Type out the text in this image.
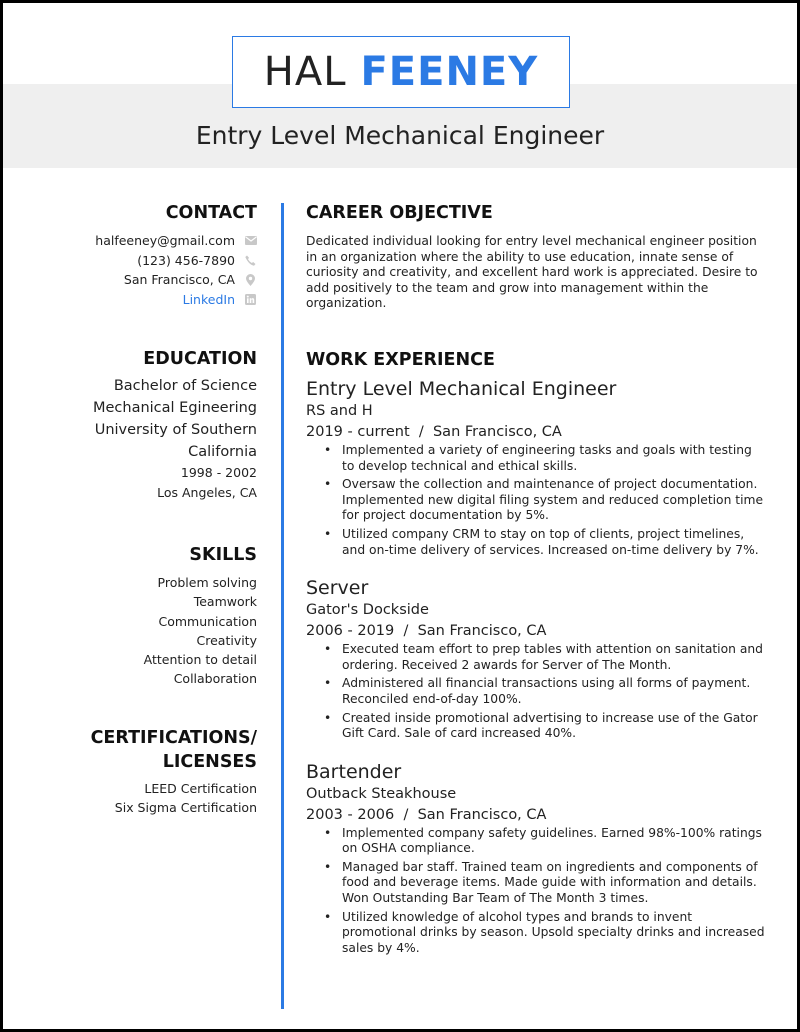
HAL FEENEY
Entry Level Mechanical Engineer
CONTACT
halfeeney@gmail.com
(123) 456-7890
San Francisco, CA
LinkedIn
EDUCATION
Bachelor of Science
Mechanical Egineering
University of Southern California
1998 - 2002
Los Angeles, CA
SKILLS
Problem solving
Teamwork
Communication
Creativity
Attention to detail
Collaboration
CERTIFICATIONS/
LICENSES
LEED Certification
Six Sigma Certification
CAREER OBJECTIVE
Dedicated individual looking for entry level mechanical engineer position in an organization where the ability to use education, innate sense of curiosity and creativity, and excellent hard work is appreciated. Desire to add positively to the team and grow into management within the organization.
WORK EXPERIENCE
Entry Level Mechanical Engineer
RS and H
2019 - current  /  San Francisco, CA
• Implemented a variety of engineering tasks and goals with testing to develop technical and ethical skills.
• Oversaw the collection and maintenance of project documentation. Implemented new digital filing system and reduced completion time for project documentation by 5%.
• Utilized company CRM to stay on top of clients, project timelines, and on-time delivery of services. Increased on-time delivery by 7%.
Server
Gator's Dockside
2006 - 2019  /  San Francisco, CA
• Executed team effort to prep tables with attention on sanitation and ordering. Received 2 awards for Server of The Month.
• Administered all financial transactions using all forms of payment. Reconciled end-of-day 100%.
• Created inside promotional advertising to increase use of the Gator Gift Card. Sale of card increased 40%.
Bartender
Outback Steakhouse
2003 - 2006  /  San Francisco, CA
• Implemented company safety guidelines. Earned 98%-100% ratings on OSHA compliance.
• Managed bar staff. Trained team on ingredients and components of food and beverage items. Made guide with information and details. Won Outstanding Bar Team of The Month 3 times.
• Utilized knowledge of alcohol types and brands to invent promotional drinks by season. Upsold specialty drinks and increased sales by 4%.
